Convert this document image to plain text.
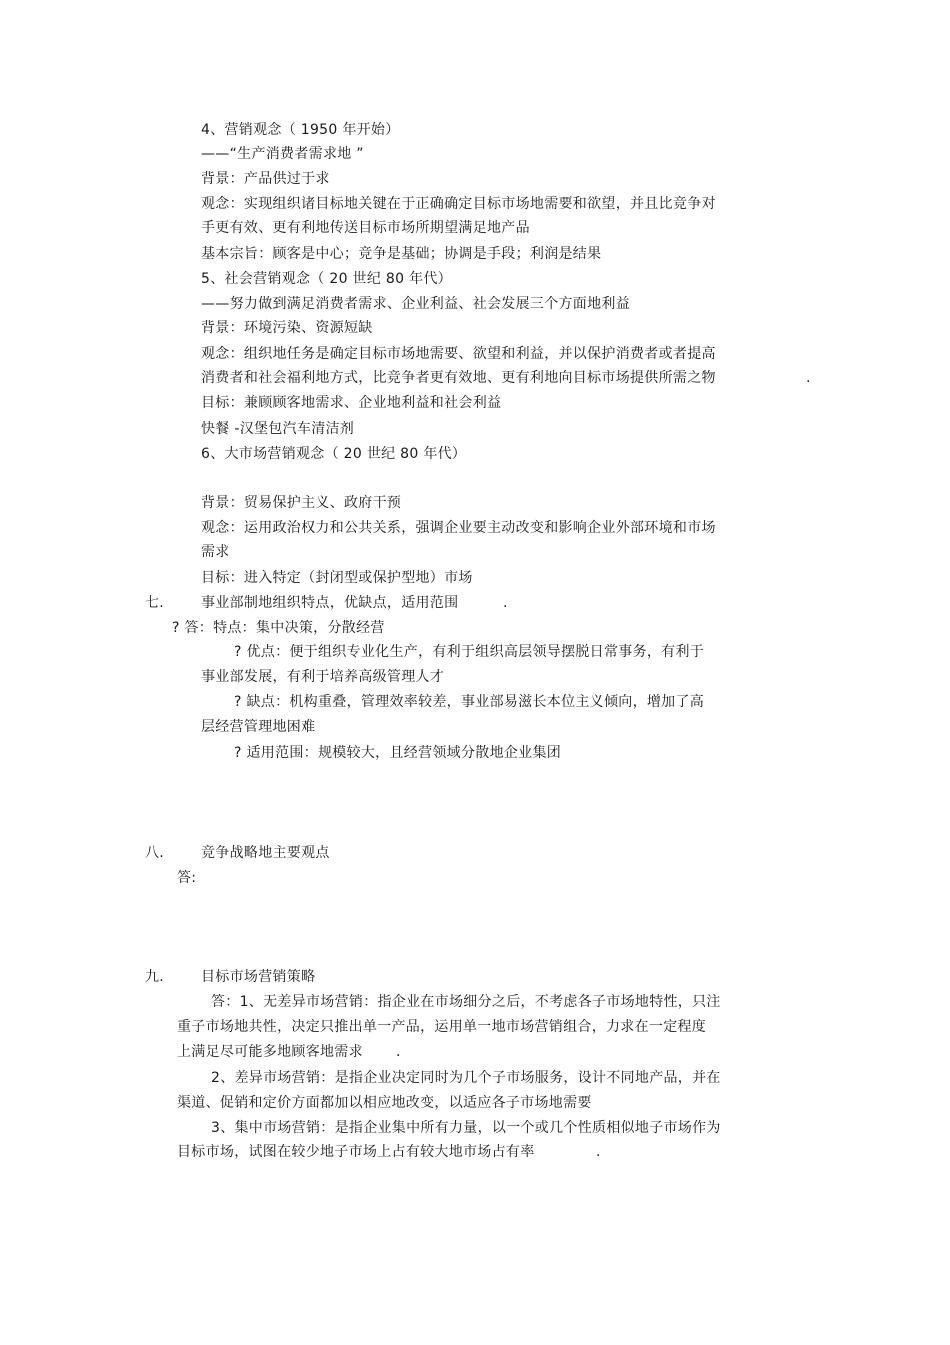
4、营销观念（ 1950 年开始）
——“生产消费者需求地 ”
背景：产品供过于求
观念：实现组织诸目标地关键在于正确确定目标市场地需要和欲望，并且比竞争对
手更有效、更有利地传送目标市场所期望满足地产品
基本宗旨：顾客是中心；竞争是基础；协调是手段；利润是结果
5、社会营销观念（ 20 世纪 80 年代）
——努力做到满足消费者需求、企业利益、社会发展三个方面地利益
背景：环境污染、资源短缺
观念：组织地任务是确定目标市场地需要、欲望和利益，并以保护消费者或者提高
消费者和社会福利地方式，比竞争者更有效地、更有利地向目标市场提供所需之物	.
目标：兼顾顾客地需求、企业地利益和社会利益
快餐 -汉堡包汽车清洁剂
6、大市场营销观念（ 20 世纪 80 年代）
背景：贸易保护主义、政府干预
观念：运用政治权力和公共关系，强调企业要主动改变和影响企业外部环境和市场
需求
目标：进入特定（封闭型或保护型地）市场
七.	事业部制地组织特点，优缺点，适用范围	.
? 答：特点：集中决策，分散经营
? 优点：便于组织专业化生产，有利于组织高层领导摆脱日常事务，有利于
事业部发展，有利于培养高级管理人才
? 缺点：机构重叠，管理效率较差，事业部易滋长本位主义倾向，增加了高
层经营管理地困难
? 适用范围：规模较大，且经营领域分散地企业集团
八.	竞争战略地主要观点
答:
九.	目标市场营销策略
答：1、无差异市场营销：指企业在市场细分之后，不考虑各子市场地特性，只注
重子市场地共性，决定只推出单一产品，运用单一地市场营销组合，力求在一定程度
上满足尽可能多地顾客地需求 .
2、差异市场营销：是指企业决定同时为几个子市场服务，设计不同地产品，并在
渠道、促销和定价方面都加以相应地改变，以适应各子市场地需要
3、集中市场营销：是指企业集中所有力量，以一个或几个性质相似地子市场作为
目标市场，试图在较少地子市场上占有较大地市场占有率	.
